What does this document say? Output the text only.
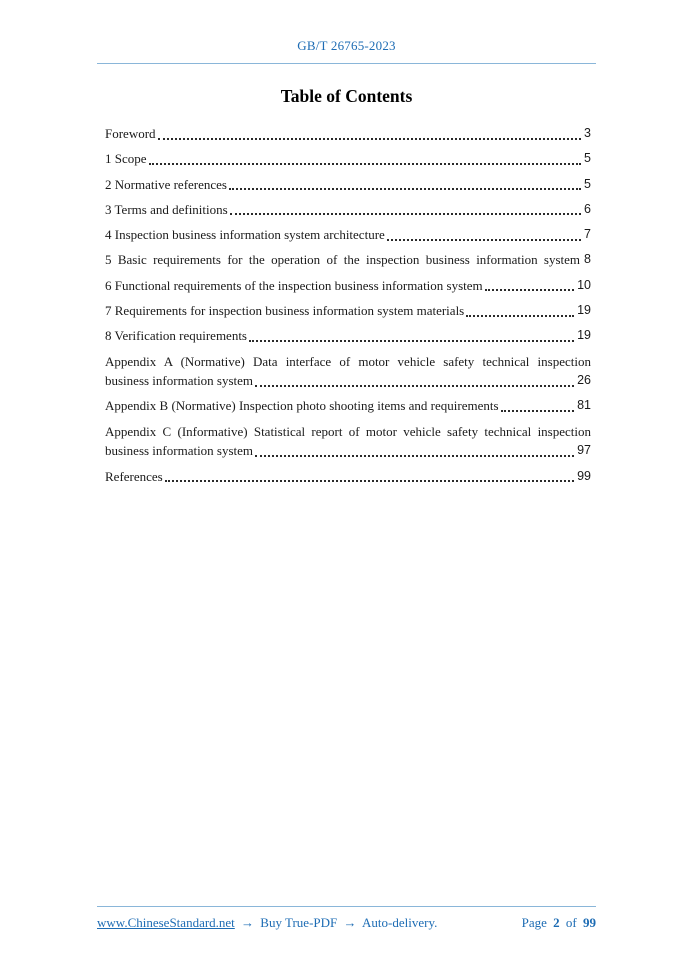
GB/T 26765-2023
Table of Contents
Foreword	3
1 Scope	5
2 Normative references	5
3 Terms and definitions	6
4 Inspection business information system architecture	7
5 Basic requirements for the operation of the inspection business information system 8
6 Functional requirements of the inspection business information system	10
7 Requirements for inspection business information system materials	19
8 Verification requirements	19
Appendix A (Normative) Data interface of motor vehicle safety technical inspection
business information system	26
Appendix B (Normative) Inspection photo shooting items and requirements	81
Appendix C (Informative) Statistical report of motor vehicle safety technical inspection
business information system	97
References	99
www.ChineseStandard.net → Buy True-PDF → Auto-delivery.	Page 2 of 99
